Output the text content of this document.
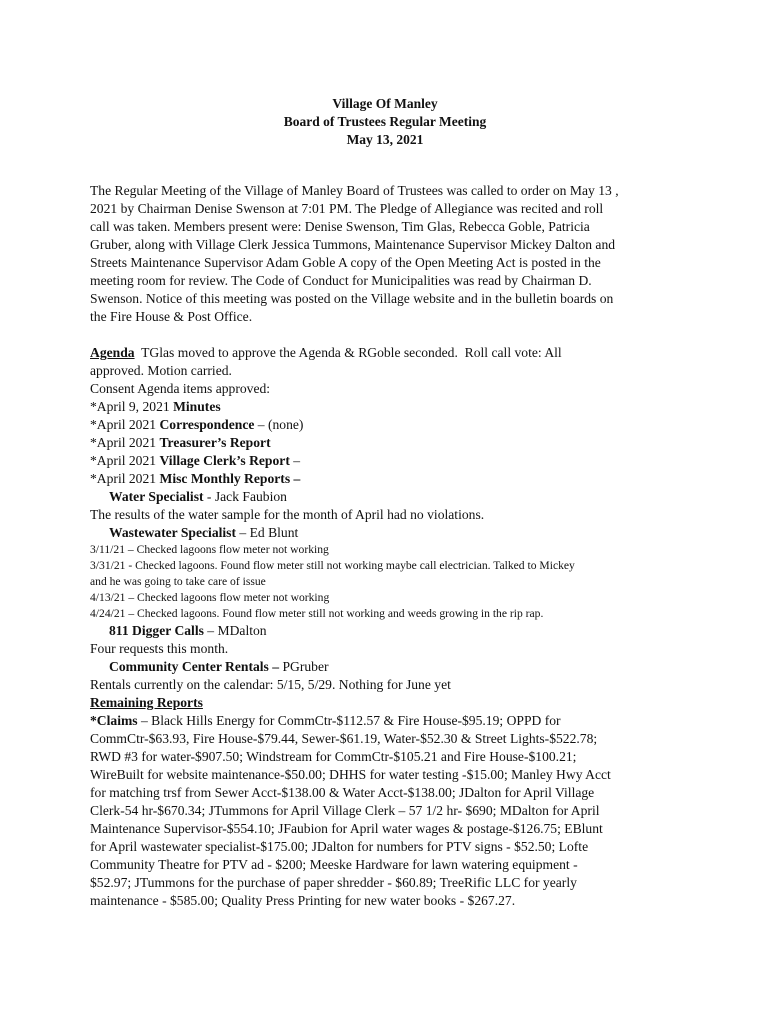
Village Of Manley
Board of Trustees Regular Meeting
May 13, 2021
The Regular Meeting of the Village of Manley Board of Trustees was called to order on May 13 ,
2021 by Chairman Denise Swenson at 7:01 PM. The Pledge of Allegiance was recited and roll
call was taken. Members present were: Denise Swenson, Tim Glas, Rebecca Goble, Patricia
Gruber, along with Village Clerk Jessica Tummons, Maintenance Supervisor Mickey Dalton and
Streets Maintenance Supervisor Adam Goble A copy of the Open Meeting Act is posted in the
meeting room for review. The Code of Conduct for Municipalities was read by Chairman D.
Swenson. Notice of this meeting was posted on the Village website and in the bulletin boards on
the Fire House & Post Office.
Agenda  TGlas moved to approve the Agenda & RGoble seconded.  Roll call vote: All
approved. Motion carried.
Consent Agenda items approved:
*April 9, 2021 Minutes
*April 2021 Correspondence – (none)
*April 2021 Treasurer’s Report
*April 2021 Village Clerk’s Report –
*April 2021 Misc Monthly Reports –
Water Specialist - Jack Faubion
The results of the water sample for the month of April had no violations.
Wastewater Specialist – Ed Blunt
3/11/21 – Checked lagoons flow meter not working
3/31/21 - Checked lagoons. Found flow meter still not working maybe call electrician. Talked to Mickey
and he was going to take care of issue
4/13/21 – Checked lagoons flow meter not working
4/24/21 – Checked lagoons. Found flow meter still not working and weeds growing in the rip rap.
811 Digger Calls – MDalton
Four requests this month.
Community Center Rentals – PGruber
Rentals currently on the calendar: 5/15, 5/29. Nothing for June yet
Remaining Reports
*Claims – Black Hills Energy for CommCtr-$112.57 & Fire House-$95.19; OPPD for
CommCtr-$63.93, Fire House-$79.44, Sewer-$61.19, Water-$52.30 & Street Lights-$522.78;
RWD #3 for water-$907.50; Windstream for CommCtr-$105.21 and Fire House-$100.21;
WireBuilt for website maintenance-$50.00; DHHS for water testing -$15.00; Manley Hwy Acct
for matching trsf from Sewer Acct-$138.00 & Water Acct-$138.00; JDalton for April Village
Clerk-54 hr-$670.34; JTummons for April Village Clerk – 57 1/2 hr- $690; MDalton for April
Maintenance Supervisor-$554.10; JFaubion for April water wages & postage-$126.75; EBlunt
for April wastewater specialist-$175.00; JDalton for numbers for PTV signs - $52.50; Lofte
Community Theatre for PTV ad - $200; Meeske Hardware for lawn watering equipment -
$52.97; JTummons for the purchase of paper shredder - $60.89; TreeRific LLC for yearly
maintenance - $585.00; Quality Press Printing for new water books - $267.27.
